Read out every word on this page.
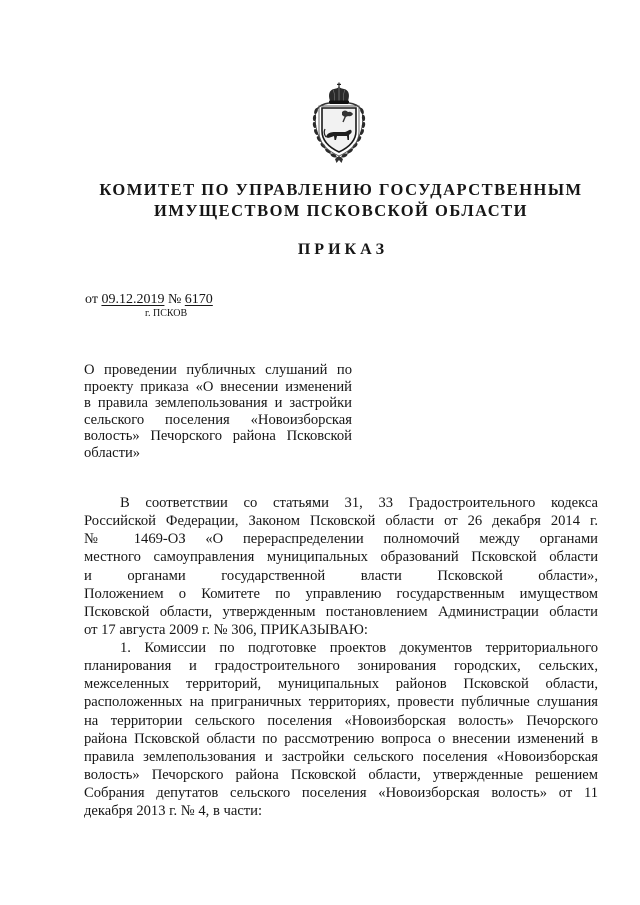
КОМИТЕТ ПО УПРАВЛЕНИЮ ГОСУДАРСТВЕННЫМ
ИМУЩЕСТВОМ ПСКОВСКОЙ ОБЛАСТИ
П Р И К А З
от 09.12.2019 № 6170
г. ПСКОВ
О проведении публичных слушаний по
проекту приказа «О внесении изменений
в правила землепользования и застройки
сельского поселения «Новоизборская
волость» Печорского района Псковской
области»
В соответствии со статьями 31, 33 Градостроительного кодекса
Российской Федерации, Законом Псковской области от 26 декабря 2014 г.
№ 1469-ОЗ «О перераспределении полномочий между органами
местного самоуправления муниципальных образований Псковской области
и органами государственной власти Псковской области»,
Положением о Комитете по управлению государственным имуществом
Псковской области, утвержденным постановлением Администрации области
от 17 августа 2009 г. № 306, ПРИКАЗЫВАЮ:
1. Комиссии по подготовке проектов документов территориального
планирования и градостроительного зонирования городских, сельских,
межселенных территорий, муниципальных районов Псковской области,
расположенных на приграничных территориях, провести публичные слушания
на территории сельского поселения «Новоизборская волость» Печорского
района Псковской области по рассмотрению вопроса о внесении изменений в
правила землепользования и застройки сельского поселения «Новоизборская
волость» Печорского района Псковской области, утвержденные решением
Собрания депутатов сельского поселения «Новоизборская волость» от 11
декабря 2013 г. № 4, в части:
